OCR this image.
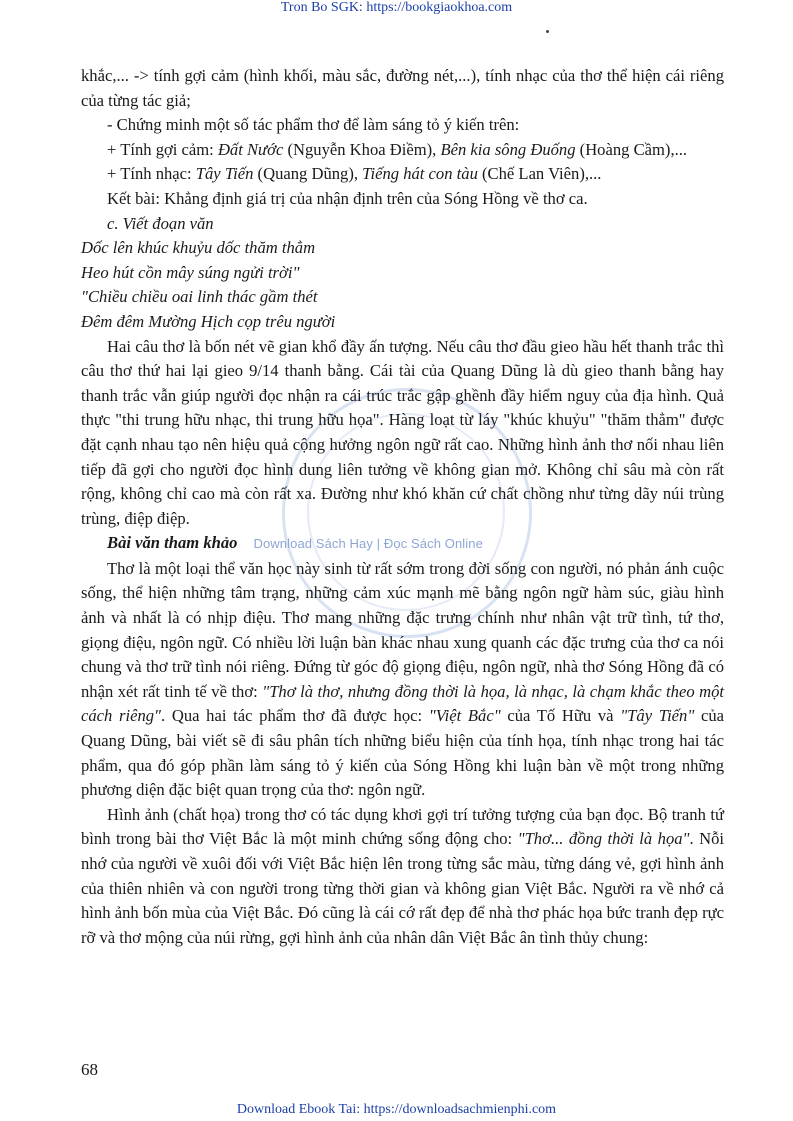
Tron Bo SGK: https://bookgiaokhoa.com

khắc,... -> tính gợi cảm (hình khối, màu sắc, đường nét,...), tính nhạc của thơ thể hiện cái riêng của từng tác giả;

- Chứng minh một số tác phẩm thơ để làm sáng tỏ ý kiến trên:

+ Tính gợi cảm: Đất Nước (Nguyễn Khoa Điềm), Bên kia sông Đuống (Hoàng Cầm),...

+ Tính nhạc: Tây Tiến (Quang Dũng), Tiếng hát con tàu (Chế Lan Viên),...

Kết bài: Khẳng định giá trị của nhận định trên của Sóng Hồng về thơ ca.

c. Viết đoạn văn

Dốc lên khúc khuỷu dốc thăm thẳm

Heo hút cồn mây súng ngửi trời"

"Chiều chiều oai linh thác gầm thét

Đêm đêm Mường Hịch cọp trêu người

Hai câu thơ là bốn nét vẽ gian khổ đầy ấn tượng. Nếu câu thơ đầu gieo hầu hết thanh trắc thì câu thơ thứ hai lại gieo 9/14 thanh bằng. Cái tài của Quang Dũng là dù gieo thanh bằng hay thanh trắc vẫn giúp người đọc nhận ra cái trúc trắc gập ghềnh đầy hiểm nguy của địa hình. Quả thực "thi trung hữu nhạc, thi trung hữu họa". Hàng loạt từ láy "khúc khuỷu" "thăm thẳm" được đặt cạnh nhau tạo nên hiệu quả cộng hưởng ngôn ngữ rất cao. Những hình ảnh thơ nối nhau liên tiếp đã gợi cho người đọc hình dung liên tưởng về không gian mở. Không chỉ sâu mà còn rất rộng, không chỉ cao mà còn rất xa. Đường như khó khăn cứ chất chồng như từng dãy núi trùng trùng, điệp điệp.

Bài văn tham khảo Download Sách Hay | Đọc Sách Online

Thơ là một loại thể văn học này sinh từ rất sớm trong đời sống con người, nó phản ánh cuộc sống, thể hiện những tâm trạng, những cảm xúc mạnh mẽ bằng ngôn ngữ hàm súc, giàu hình ảnh và nhất là có nhịp điệu. Thơ mang những đặc trưng chính như nhân vật trữ tình, tứ thơ, giọng điệu, ngôn ngữ. Có nhiều lời luận bàn khác nhau xung quanh các đặc trưng của thơ ca nói chung và thơ trữ tình nói riêng. Đứng từ góc độ giọng điệu, ngôn ngữ, nhà thơ Sóng Hồng đã có nhận xét rất tinh tế về thơ: "Thơ là thơ, nhưng đồng thời là họa, là nhạc, là chạm khắc theo một cách riêng". Qua hai tác phẩm thơ đã được học: "Việt Bắc" của Tố Hữu và "Tây Tiến" của Quang Dũng, bài viết sẽ đi sâu phân tích những biểu hiện của tính họa, tính nhạc trong hai tác phẩm, qua đó góp phần làm sáng tỏ ý kiến của Sóng Hồng khi luận bàn về một trong những phương diện đặc biệt quan trọng của thơ: ngôn ngữ.

Hình ảnh (chất họa) trong thơ có tác dụng khơi gợi trí tưởng tượng của bạn đọc. Bộ tranh tứ bình trong bài thơ Việt Bắc là một minh chứng sống động cho: "Thơ... đồng thời là họa". Nỗi nhớ của người về xuôi đối với Việt Bắc hiện lên trong từng sắc màu, từng dáng vẻ, gợi hình ảnh của thiên nhiên và con người trong từng thời gian và không gian Việt Bắc. Người ra về nhớ cả hình ảnh bốn mùa của Việt Bắc. Đó cũng là cái cớ rất đẹp để nhà thơ phác họa bức tranh đẹp rực rỡ và thơ mộng của núi rừng, gợi hình ảnh của nhân dân Việt Bắc ân tình thủy chung:

68
Download Ebook Tai: https://downloadsachmienphi.com
